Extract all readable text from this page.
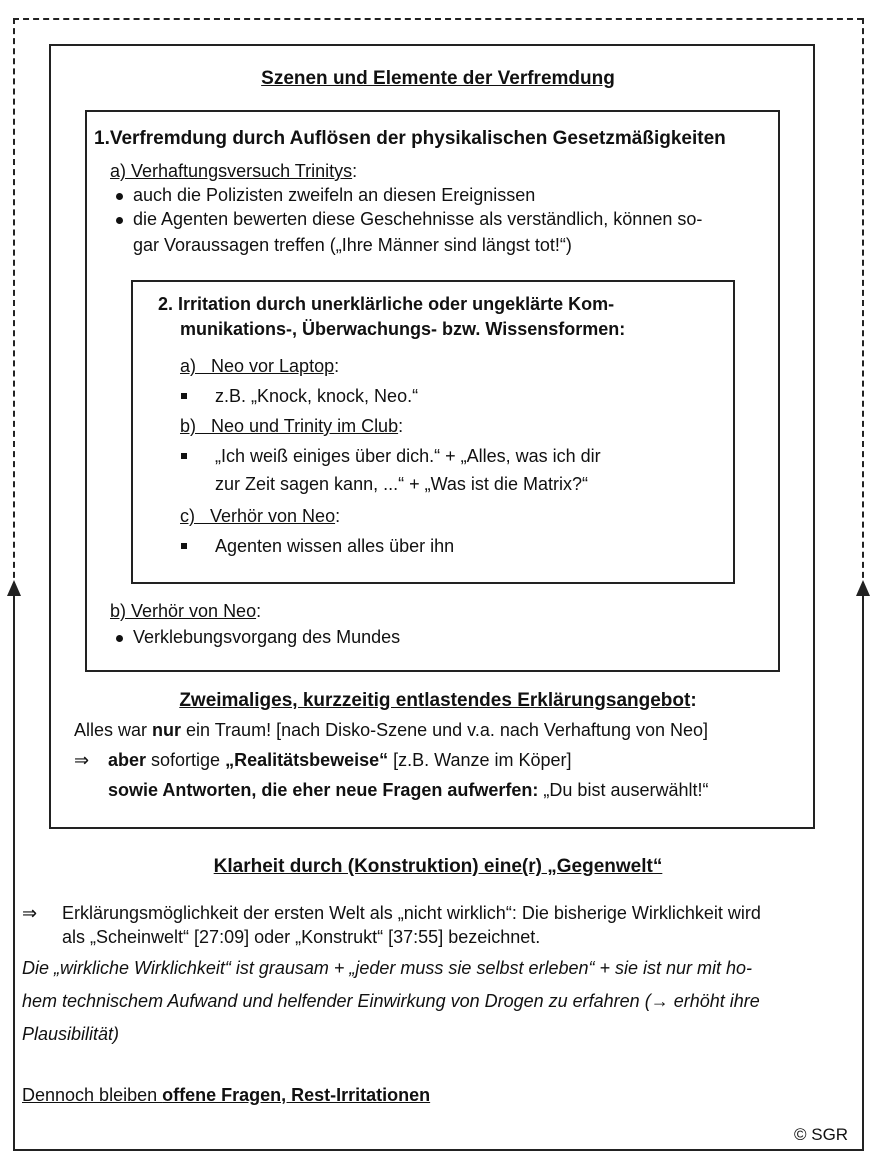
Szenen und Elemente der Verfremdung
1.Verfremdung durch Auflösen der physikalischen Gesetzmäßigkeiten
a) Verhaftungsversuch Trinitys:
auch die Polizisten zweifeln an diesen Ereignissen
die Agenten bewerten diese Geschehnisse als verständlich, können so-
gar Voraussagen treffen („Ihre Männer sind längst tot!“)
2. Irritation durch unerklärliche oder ungeklärte Kom-
munikations-, Überwachungs- bzw. Wissensformen:
a)   Neo vor Laptop:
z.B. „Knock, knock, Neo.“
b)   Neo und Trinity im Club:
„Ich weiß einiges über dich.“ + „Alles, was ich dir
zur Zeit sagen kann, ...“ + „Was ist die Matrix?“
c)   Verhör von Neo:
Agenten wissen alles über ihn
b) Verhör von Neo:
Verklebungsvorgang des Mundes
Zweimaliges, kurzzeitig entlastendes Erklärungsangebot:
Alles war nur ein Traum! [nach Disko-Szene und v.a. nach Verhaftung von Neo]
⇒ aber sofortige „Realitätsbeweise“ [z.B. Wanze im Köper]
sowie Antworten, die eher neue Fragen aufwerfen: „Du bist auserwählt!“
Klarheit durch (Konstruktion) eine(r) „Gegenwelt“
⇒ Erklärungsmöglichkeit der ersten Welt als „nicht wirklich“: Die bisherige Wirklichkeit wird
als „Scheinwelt“ [27:09] oder „Konstrukt“ [37:55] bezeichnet.
Die „wirkliche Wirklichkeit“ ist grausam + „jeder muss sie selbst erleben“ + sie ist nur mit ho-
hem technischem Aufwand und helfender Einwirkung von Drogen zu erfahren (→ erhöht ihre
Plausibilität)
Dennoch bleiben offene Fragen, Rest-Irritationen
© SGR
